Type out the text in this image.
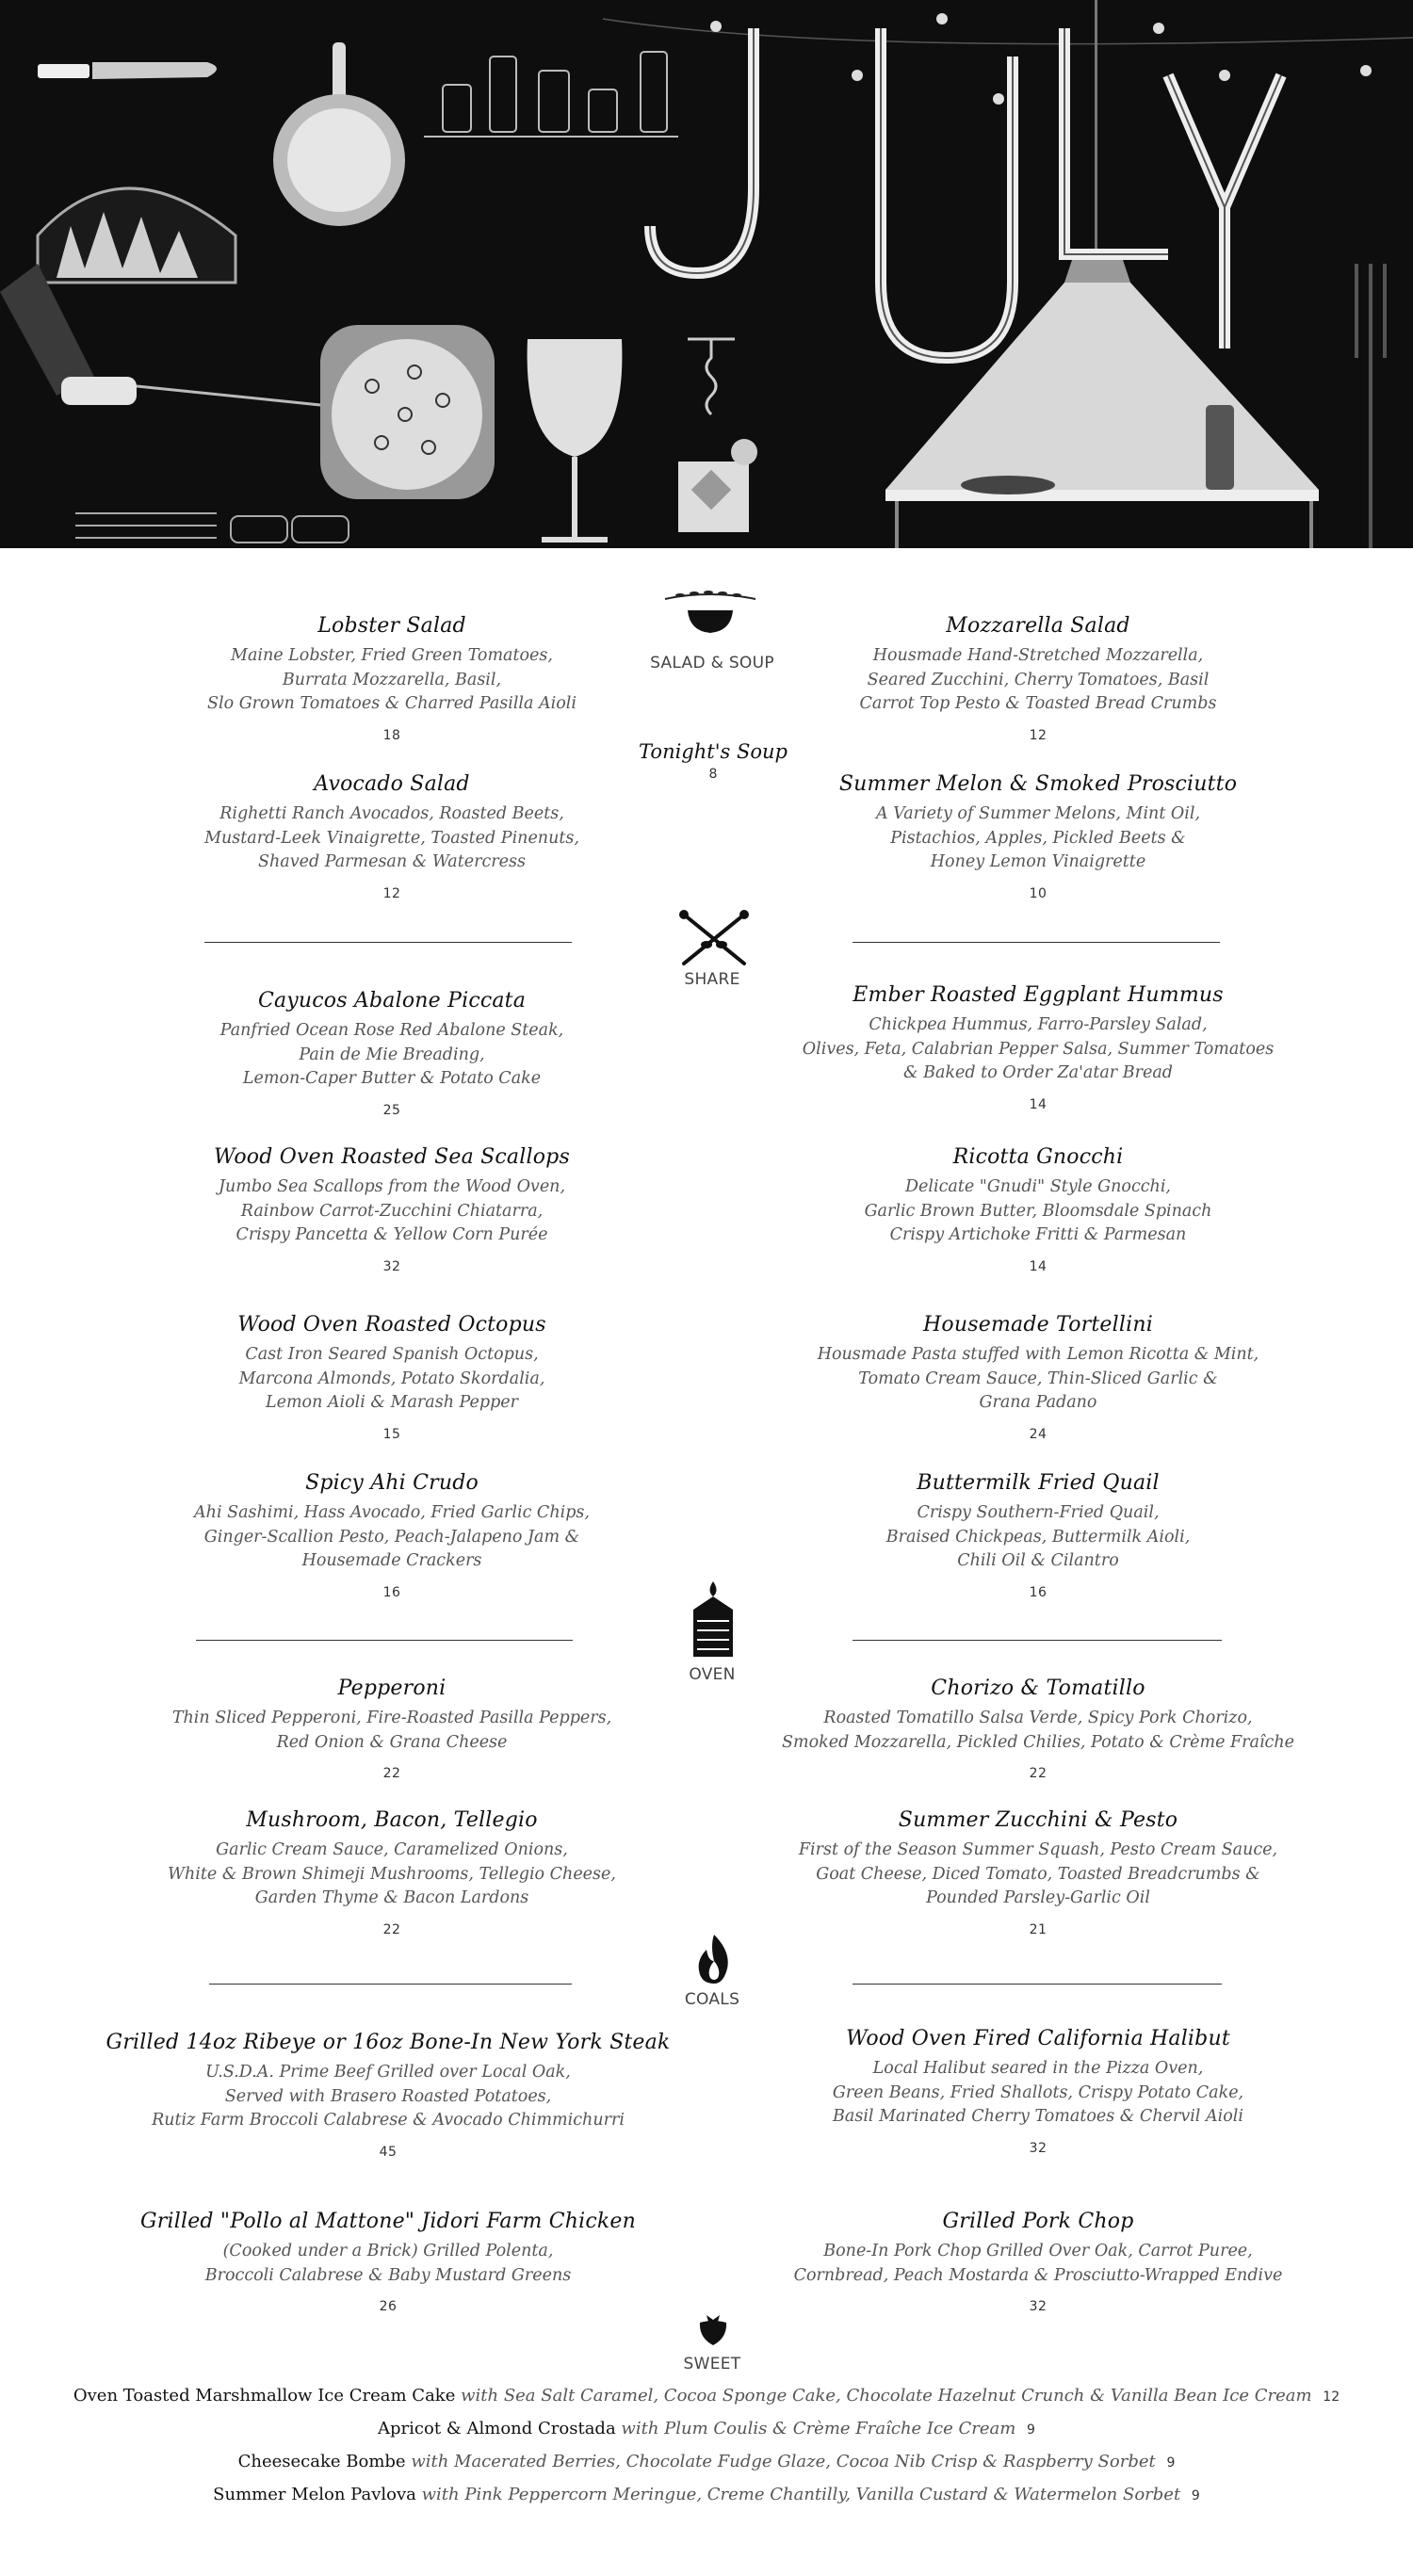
SALAD & SOUP
Lobster Salad
Maine Lobster, Fried Green Tomatoes,
Burrata Mozzarella, Basil,
Slo Grown Tomatoes & Charred Pasilla Aioli
18
Mozzarella Salad
Housmade Hand-Stretched Mozzarella,
Seared Zucchini, Cherry Tomatoes, Basil
Carrot Top Pesto & Toasted Bread Crumbs
12
Tonight's Soup
8
Avocado Salad
Righetti Ranch Avocados, Roasted Beets,
Mustard-Leek Vinaigrette, Toasted Pinenuts,
Shaved Parmesan & Watercress
12
Summer Melon & Smoked Prosciutto
A Variety of Summer Melons, Mint Oil,
Pistachios, Apples, Pickled Beets &
Honey Lemon Vinaigrette
10
SHARE
Cayucos Abalone Piccata
Panfried Ocean Rose Red Abalone Steak,
Pain de Mie Breading,
Lemon-Caper Butter & Potato Cake
25
Ember Roasted Eggplant Hummus
Chickpea Hummus, Farro-Parsley Salad,
Olives, Feta, Calabrian Pepper Salsa, Summer Tomatoes
& Baked to Order Za'atar Bread
14
Wood Oven Roasted Sea Scallops
Jumbo Sea Scallops from the Wood Oven,
Rainbow Carrot-Zucchini Chiatarra,
Crispy Pancetta & Yellow Corn Purée
32
Ricotta Gnocchi
Delicate "Gnudi" Style Gnocchi,
Garlic Brown Butter, Bloomsdale Spinach
Crispy Artichoke Fritti & Parmesan
14
Wood Oven Roasted Octopus
Cast Iron Seared Spanish Octopus,
Marcona Almonds, Potato Skordalia,
Lemon Aioli & Marash Pepper
15
Housemade Tortellini
Housmade Pasta stuffed with Lemon Ricotta & Mint,
Tomato Cream Sauce, Thin-Sliced Garlic &
Grana Padano
24
Spicy Ahi Crudo
Ahi Sashimi, Hass Avocado, Fried Garlic Chips,
Ginger-Scallion Pesto, Peach-Jalapeno Jam &
Housemade Crackers
16
Buttermilk Fried Quail
Crispy Southern-Fried Quail,
Braised Chickpeas, Buttermilk Aioli,
Chili Oil & Cilantro
16
OVEN
Pepperoni
Thin Sliced Pepperoni, Fire-Roasted Pasilla Peppers,
Red Onion & Grana Cheese
22
Chorizo & Tomatillo
Roasted Tomatillo Salsa Verde, Spicy Pork Chorizo,
Smoked Mozzarella, Pickled Chilies, Potato & Crème Fraîche
22
Mushroom, Bacon, Tellegio
Garlic Cream Sauce, Caramelized Onions,
White & Brown Shimeji Mushrooms, Tellegio Cheese,
Garden Thyme & Bacon Lardons
22
Summer Zucchini & Pesto
First of the Season Summer Squash, Pesto Cream Sauce,
Goat Cheese, Diced Tomato, Toasted Breadcrumbs &
Pounded Parsley-Garlic Oil
21
COALS
Grilled 14oz Ribeye or 16oz Bone-In New York Steak
U.S.D.A. Prime Beef Grilled over Local Oak,
Served with Brasero Roasted Potatoes,
Rutiz Farm Broccoli Calabrese & Avocado Chimmichurri
45
Wood Oven Fired California Halibut
Local Halibut seared in the Pizza Oven,
Green Beans, Fried Shallots, Crispy Potato Cake,
Basil Marinated Cherry Tomatoes & Chervil Aioli
32
Grilled "Pollo al Mattone" Jidori Farm Chicken
(Cooked under a Brick) Grilled Polenta,
Broccoli Calabrese & Baby Mustard Greens
26
Grilled Pork Chop
Bone-In Pork Chop Grilled Over Oak, Carrot Puree,
Cornbread, Peach Mostarda & Prosciutto-Wrapped Endive
32
SWEET
Oven Toasted Marshmallow Ice Cream Cake with Sea Salt Caramel, Cocoa Sponge Cake, Chocolate Hazelnut Crunch & Vanilla Bean Ice Cream 12
Apricot & Almond Crostada with Plum Coulis & Crème Fraîche Ice Cream 9
Cheesecake Bombe with Macerated Berries, Chocolate Fudge Glaze, Cocoa Nib Crisp & Raspberry Sorbet 9
Summer Melon Pavlova with Pink Peppercorn Meringue, Creme Chantilly, Vanilla Custard & Watermelon Sorbet 9
